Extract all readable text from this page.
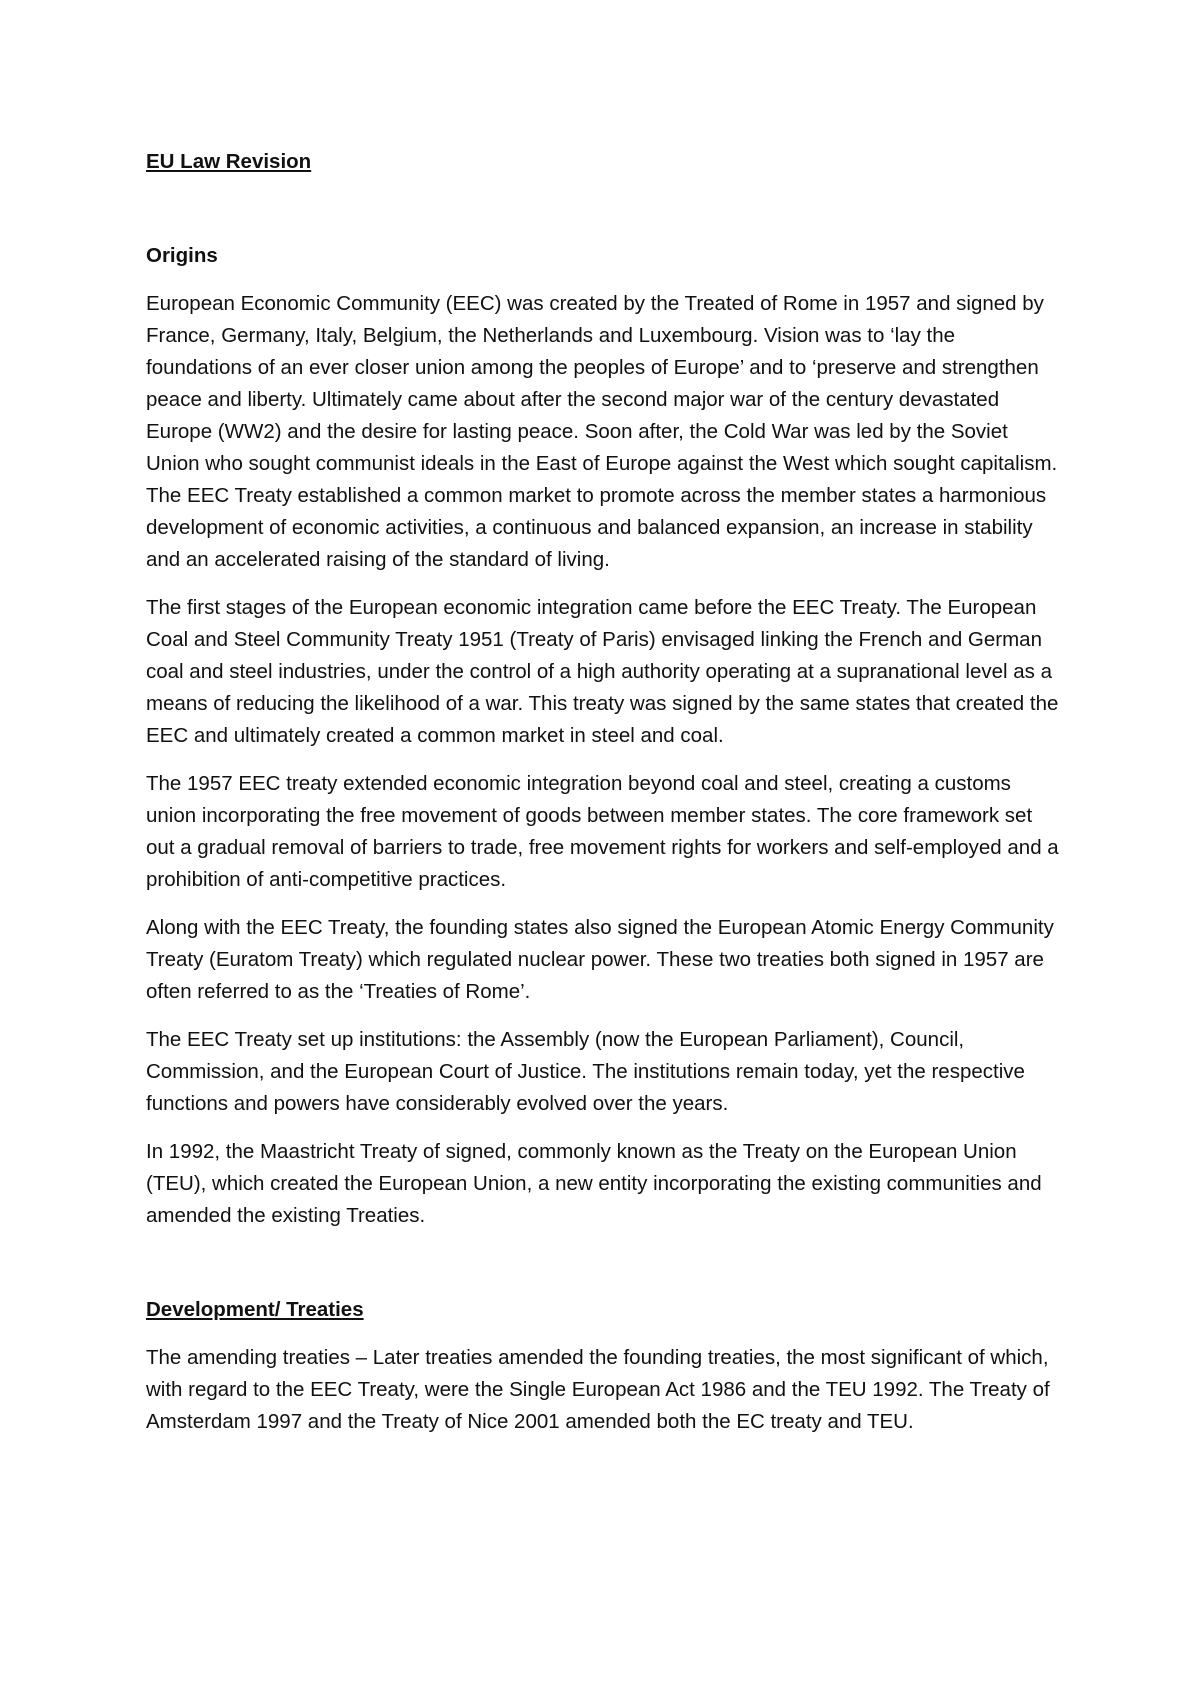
EU Law Revision
Origins

European Economic Community (EEC) was created by the Treated of Rome in 1957 and signed by France, Germany, Italy, Belgium, the Netherlands and Luxembourg. Vision was to ‘lay the foundations of an ever closer union among the peoples of Europe’ and to ‘preserve and strengthen peace and liberty. Ultimately came about after the second major war of the century devastated Europe (WW2) and the desire for lasting peace. Soon after, the Cold War was led by the Soviet Union who sought communist ideals in the East of Europe against the West which sought capitalism. The EEC Treaty established a common market to promote across the member states a harmonious development of economic activities, a continuous and balanced expansion, an increase in stability and an accelerated raising of the standard of living.

The first stages of the European economic integration came before the EEC Treaty. The European Coal and Steel Community Treaty 1951 (Treaty of Paris) envisaged linking the French and German coal and steel industries, under the control of a high authority operating at a supranational level as a means of reducing the likelihood of a war. This treaty was signed by the same states that created the EEC and ultimately created a common market in steel and coal.

The 1957 EEC treaty extended economic integration beyond coal and steel, creating a customs union incorporating the free movement of goods between member states. The core framework set out a gradual removal of barriers to trade, free movement rights for workers and self-employed and a prohibition of anti-competitive practices.

Along with the EEC Treaty, the founding states also signed the European Atomic Energy Community Treaty (Euratom Treaty) which regulated nuclear power. These two treaties both signed in 1957 are often referred to as the ‘Treaties of Rome’.

The EEC Treaty set up institutions: the Assembly (now the European Parliament), Council, Commission, and the European Court of Justice. The institutions remain today, yet the respective functions and powers have considerably evolved over the years.

In 1992, the Maastricht Treaty of signed, commonly known as the Treaty on the European Union (TEU), which created the European Union, a new entity incorporating the existing communities and amended the existing Treaties.

Development/ Treaties

The amending treaties – Later treaties amended the founding treaties, the most significant of which, with regard to the EEC Treaty, were the Single European Act 1986 and the TEU 1992. The Treaty of Amsterdam 1997 and the Treaty of Nice 2001 amended both the EC treaty and TEU.
